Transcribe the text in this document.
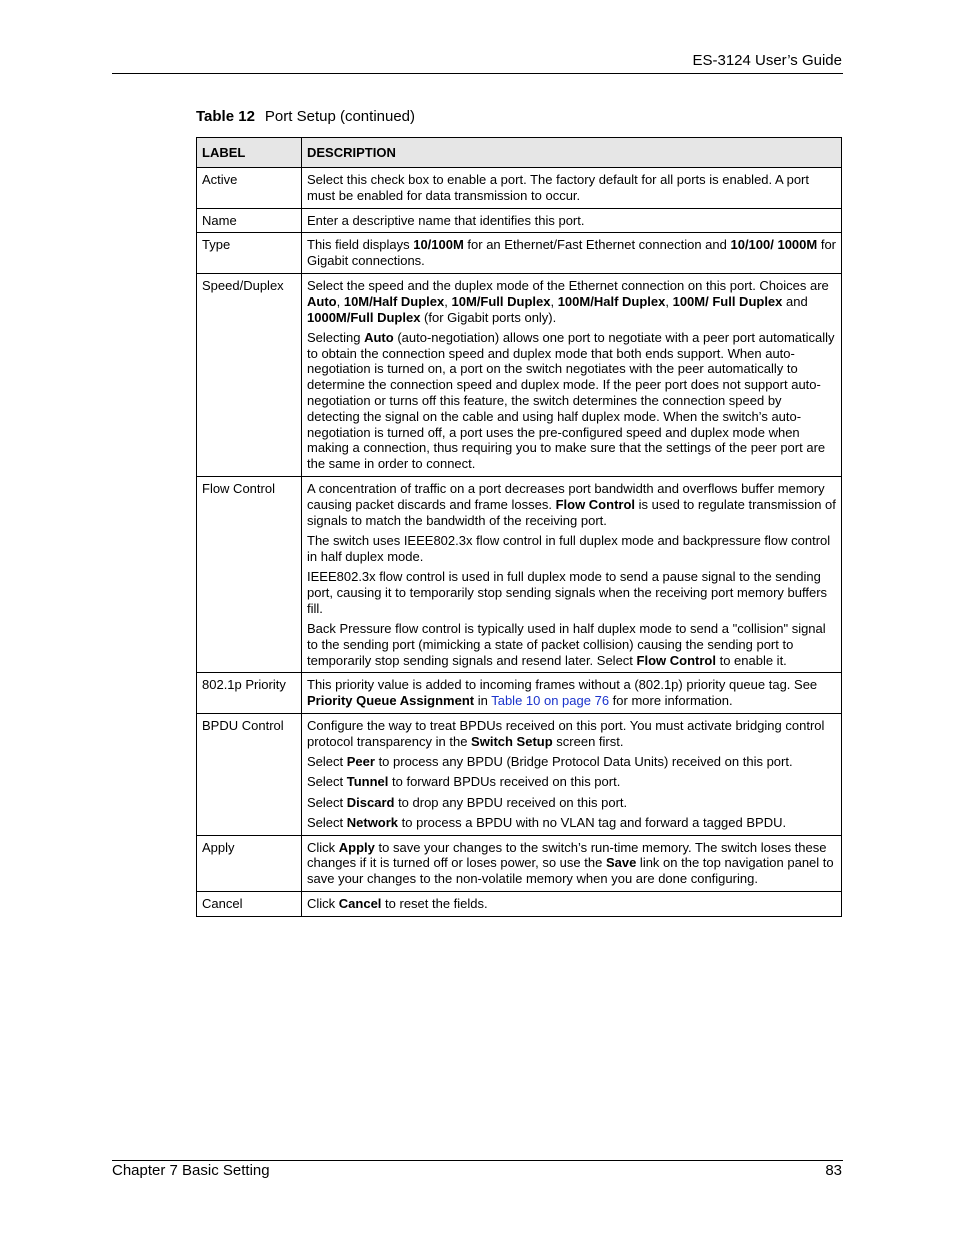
ES-3124 User’s Guide
Table 12 Port Setup (continued)
LABEL	DESCRIPTION
Active	Select this check box to enable a port. The factory default for all ports is enabled. A port must be enabled for data transmission to occur.

Name	Enter a descriptive name that identifies this port.

Type	This field displays 10/100M for an Ethernet/Fast Ethernet connection and 10/100/ 1000M for Gigabit connections.

Speed/Duplex	Select the speed and the duplex mode of the Ethernet connection on this port. Choices are Auto, 10M/Half Duplex, 10M/Full Duplex, 100M/Half Duplex, 100M/ Full Duplex and 1000M/Full Duplex (for Gigabit ports only).

Selecting Auto (auto-negotiation) allows one port to negotiate with a peer port automatically to obtain the connection speed and duplex mode that both ends support. When auto-negotiation is turned on, a port on the switch negotiates with the peer automatically to determine the connection speed and duplex mode. If the peer port does not support auto-negotiation or turns off this feature, the switch determines the connection speed by detecting the signal on the cable and using half duplex mode. When the switch’s auto-negotiation is turned off, a port uses the pre-configured speed and duplex mode when making a connection, thus requiring you to make sure that the settings of the peer port are the same in order to connect.

Flow Control	A concentration of traffic on a port decreases port bandwidth and overflows buffer memory causing packet discards and frame losses. Flow Control is used to regulate transmission of signals to match the bandwidth of the receiving port.

The switch uses IEEE802.3x flow control in full duplex mode and backpressure flow control in half duplex mode.

IEEE802.3x flow control is used in full duplex mode to send a pause signal to the sending port, causing it to temporarily stop sending signals when the receiving port memory buffers fill.

Back Pressure flow control is typically used in half duplex mode to send a "collision" signal to the sending port (mimicking a state of packet collision) causing the sending port to temporarily stop sending signals and resend later. Select Flow Control to enable it.

802.1p Priority	This priority value is added to incoming frames without a (802.1p) priority queue tag. See Priority Queue Assignment in Table 10 on page 76 for more information.

BPDU Control	Configure the way to treat BPDUs received on this port. You must activate bridging control protocol transparency in the Switch Setup screen first.

Select Peer to process any BPDU (Bridge Protocol Data Units) received on this port.

Select Tunnel to forward BPDUs received on this port.

Select Discard to drop any BPDU received on this port.

Select Network to process a BPDU with no VLAN tag and forward a tagged BPDU.

Apply	Click Apply to save your changes to the switch’s run-time memory. The switch loses these changes if it is turned off or loses power, so use the Save link on the top navigation panel to save your changes to the non-volatile memory when you are done configuring.

Cancel	Click Cancel to reset the fields.

Chapter 7 Basic Setting	83
